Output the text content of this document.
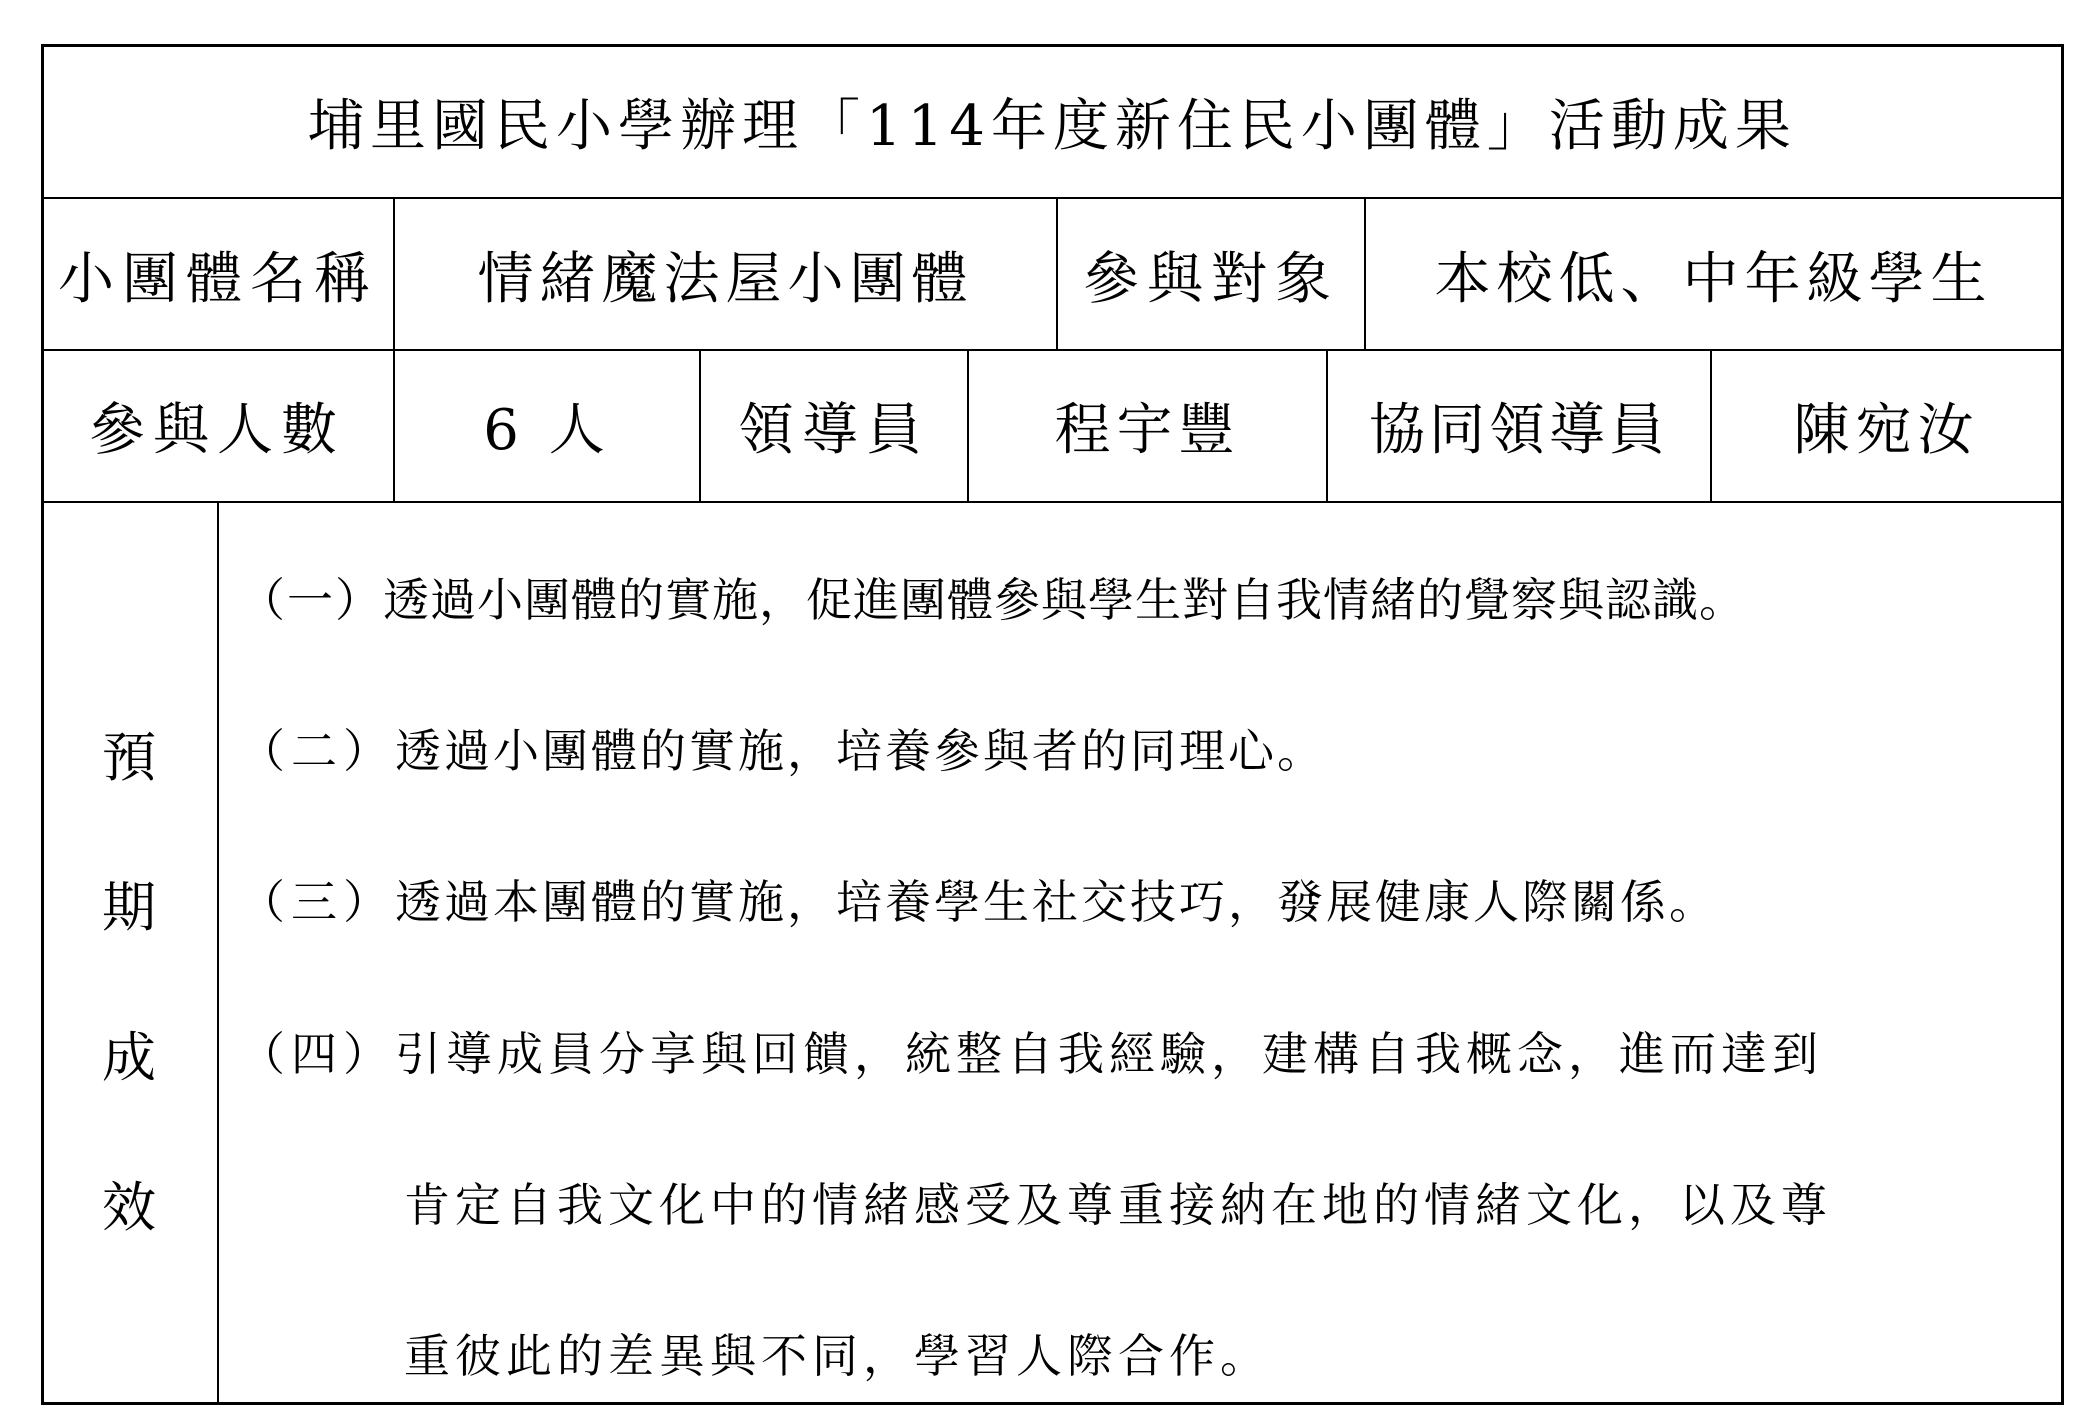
埔里國民小學辦理「114年度新住民小團體」活動成果
小團體名稱 情緒魔法屋小團體 參與對象 本校低、中年級學生
參與人數 6 人 領導員 程宇豐 協同領導員 陳宛汝
預
期
成
效
（一）透過小團體的實施，促進團體參與學生對自我情緒的覺察與認識。
（二）透過小團體的實施，培養參與者的同理心。
（三）透過本團體的實施，培養學生社交技巧，發展健康人際關係。
（四）引導成員分享與回饋，統整自我經驗，建構自我概念，進而達到
肯定自我文化中的情緒感受及尊重接納在地的情緒文化，以及尊
重彼此的差異與不同，學習人際合作。
